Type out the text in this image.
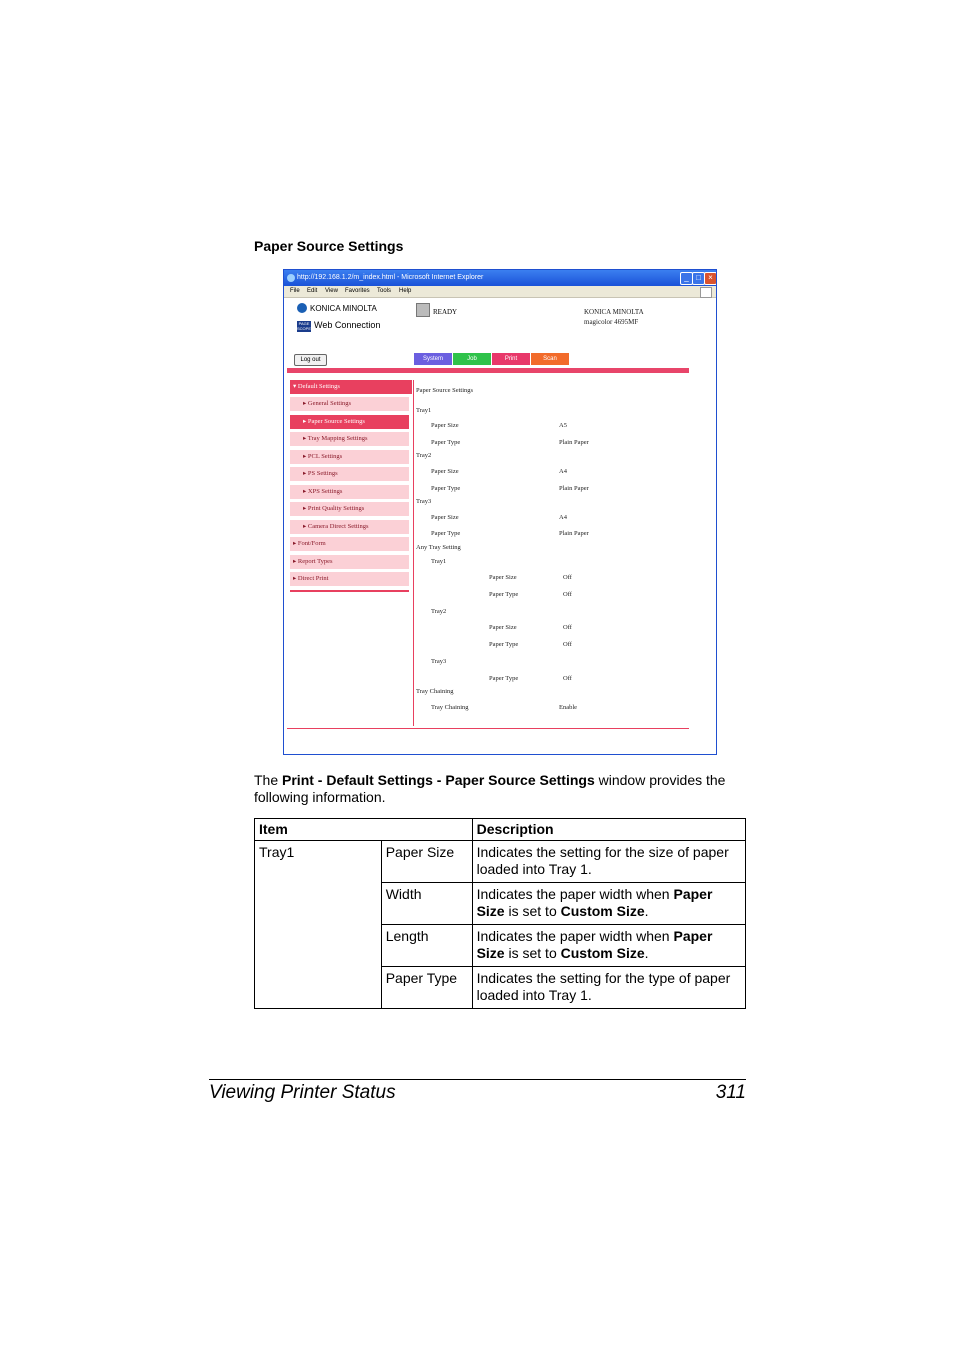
Paper Source Settings
http://192.168.1.2/m_index.html - Microsoft Internet Explorer	_ □ ×
File Edit View Favorites Tools Help
KONICA MINOLTA
PAGE SCOPE Web Connection
READY	KONICA MINOLTA
magicolor 4695MF
Log out	System	Job	Print	Scan
▾ Default Settings
▸ General Settings
▸ Paper Source Settings
▸ Tray Mapping Settings
▸ PCL Settings
▸ PS Settings
▸ XPS Settings
▸ Print Quality Settings
▸ Camera Direct Settings
▸ Font/Form
▸ Report Types
▸ Direct Print
Paper Source Settings
Tray1
Paper Size	A5
Paper Type	Plain Paper
Tray2
Paper Size	A4
Paper Type	Plain Paper
Tray3
Paper Size	A4
Paper Type	Plain Paper
Any Tray Setting
Tray1
Paper Size	Off
Paper Type	Off
Tray2
Paper Size	Off
Paper Type	Off
Tray3
Paper Type	Off
Tray Chaining
Tray Chaining	Enable
The Print - Default Settings - Paper Source Settings window provides the following information.
Item		Description
Tray1	Paper Size	Indicates the setting for the size of paper loaded into Tray 1.
	Width	Indicates the paper width when Paper Size is set to Custom Size.
	Length	Indicates the paper width when Paper Size is set to Custom Size.
	Paper Type	Indicates the setting for the type of paper loaded into Tray 1.
Viewing Printer Status	311
